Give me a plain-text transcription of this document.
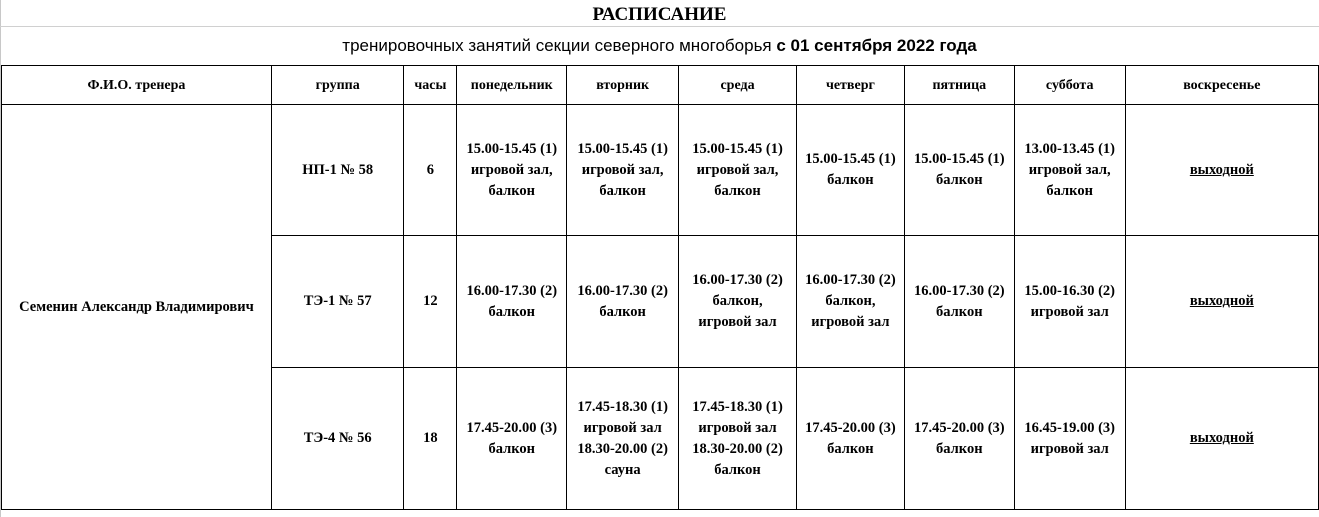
РАСПИСАНИЕ
тренировочных занятий секции северного многоборья с 01 сентября 2022 года
Ф.И.О. тренера	группа	часы	понедельник	вторник	среда	четверг	пятница	суббота	воскресенье
Семенин Александр Владимирович	НП-1 № 58	6	15.00-15.45 (1)
игровой зал,
балкон	15.00-15.45 (1)
игровой зал,
балкон	15.00-15.45 (1)
игровой зал,
балкон	15.00-15.45 (1)
балкон	15.00-15.45 (1)
балкон	13.00-13.45 (1)
игровой зал,
балкон	выходной
	ТЭ-1 № 57	12	16.00-17.30 (2)
балкон	16.00-17.30 (2)
балкон	16.00-17.30 (2)
балкон,
игровой зал	16.00-17.30 (2)
балкон,
игровой зал	16.00-17.30 (2)
балкон	15.00-16.30 (2)
игровой зал	выходной
	ТЭ-4 № 56	18	17.45-20.00 (3)
балкон	17.45-18.30 (1)
игровой зал
18.30-20.00 (2)
сауна	17.45-18.30 (1)
игровой зал
18.30-20.00 (2)
балкон	17.45-20.00 (3)
балкон	17.45-20.00 (3)
балкон	16.45-19.00 (3)
игровой зал	выходной
